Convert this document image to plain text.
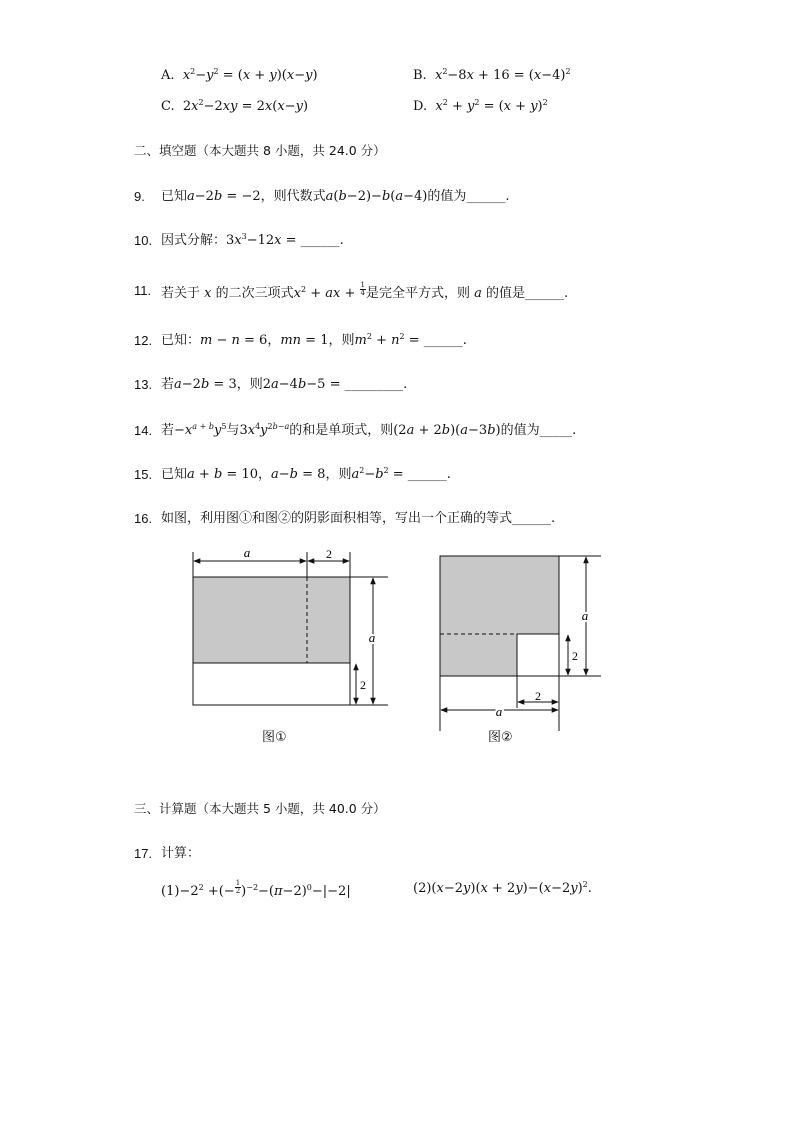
A. $x^2-y^2 = (x + y)(x-y)$	B. $x^2-8x + 16 = (x-4)^2$
C.  $2x^2-2xy = 2x(x-y)$	D. $x^2 + y^2 = (x + y)^2$
二、填空题（本大题共 8 小题，共 24.0 分）
9. 已知a−2b = −2，则代数式a(b−2)−b(a−4)的值为______.
10. 因式分解：$3x^3-12x$ = ______.
11. 若关于 x 的二次三项式$x^2$ + ax + $\frac{1}{4}$ 是完全平方式，则 a 的值是______.
12. 已知：m − n = 6，mn = 1，则$m^2 + n^2$ = ______.
13. 若a−2b = 3，则2a−4b−5 = _________.
14. 若$-x^{a + b}y^5$与$3x^4y^{2b-a}$的和是单项式，则(2a + 2b)(a−3b)的值为_____.
15. 已知a + b = 10，a−b = 8，则$a^2-b^2$ = ______.
16. 如图，利用图①和图②的阴影面积相等，写出一个正确的等式______.
a	2
a
2
a
2
2
a
图①	图②
三、计算题（本大题共 5 小题，共 40.0 分）
17. 计算：
$(1)-2^2$ +(− $\frac{1}{2} )^{-2}-(\pi-2)^0-|-2|$	$(2)(x-2y)(x + 2y)-(x-2y)^2$.
